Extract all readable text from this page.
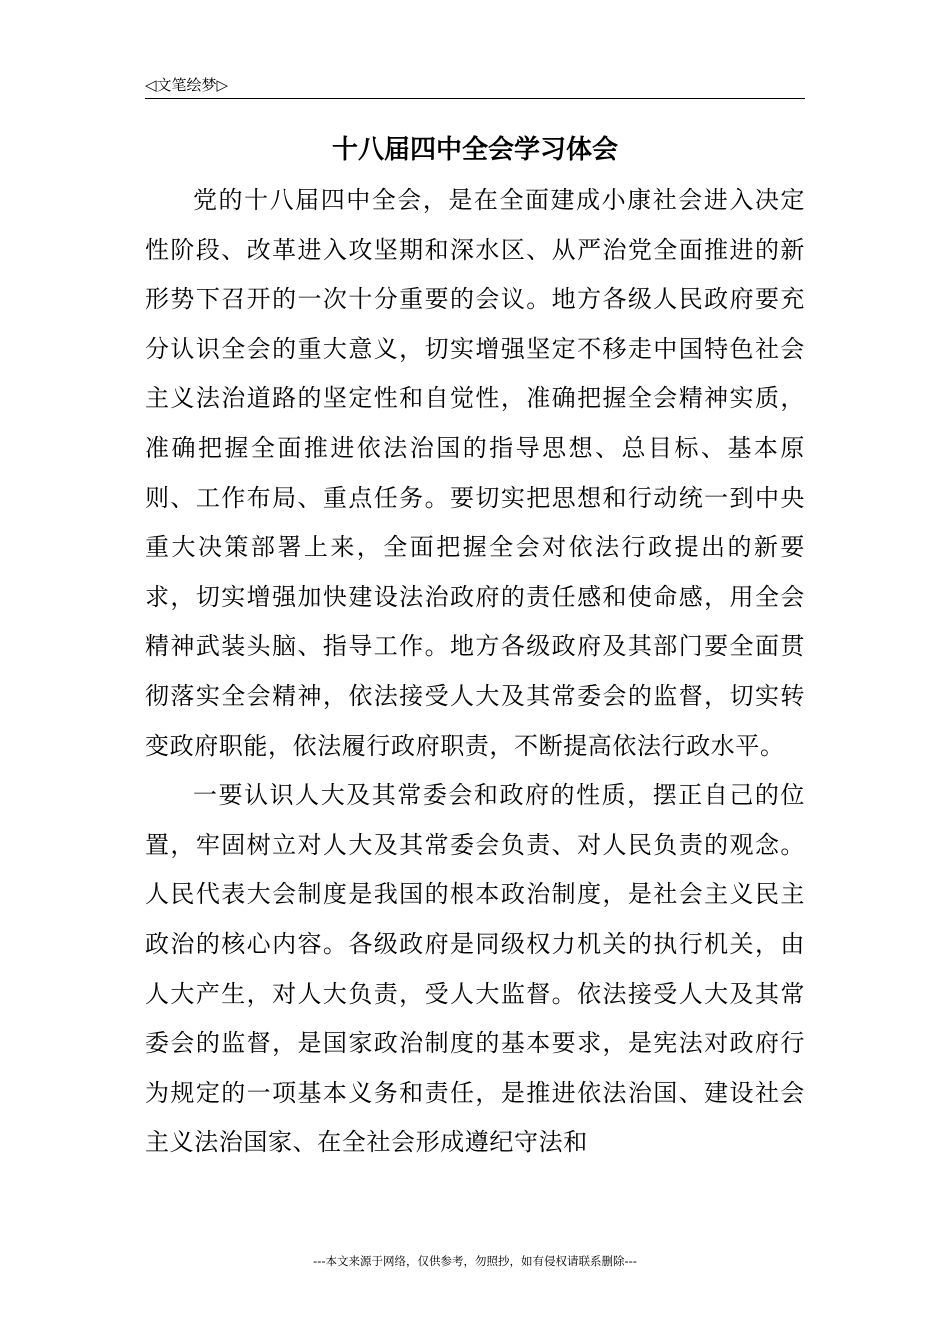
◁文笔绘梦▷
十八届四中全会学习体会

党的十八届四中全会，是在全面建成小康社会进入决定性阶段、改革进入攻坚期和深水区、从严治党全面推进的新形势下召开的一次十分重要的会议。地方各级人民政府要充分认识全会的重大意义，切实增强坚定不移走中国特色社会主义法治道路的坚定性和自觉性，准确把握全会精神实质，准确把握全面推进依法治国的指导思想、总目标、基本原则、工作布局、重点任务。要切实把思想和行动统一到中央重大决策部署上来，全面把握全会对依法行政提出的新要求，切实增强加快建设法治政府的责任感和使命感，用全会精神武装头脑、指导工作。地方各级政府及其部门要全面贯彻落实全会精神，依法接受人大及其常委会的监督，切实转变政府职能，依法履行政府职责，不断提高依法行政水平。

一要认识人大及其常委会和政府的性质，摆正自己的位置，牢固树立对人大及其常委会负责、对人民负责的观念。人民代表大会制度是我国的根本政治制度，是社会主义民主政治的核心内容。各级政府是同级权力机关的执行机关，由人大产生，对人大负责，受人大监督。依法接受人大及其常委会的监督，是国家政治制度的基本要求，是宪法对政府行为规定的一项基本义务和责任，是推进依法治国、建设社会主义法治国家、在全社会形成遵纪守法和

---本文来源于网络，仅供参考，勿照抄，如有侵权请联系删除---
